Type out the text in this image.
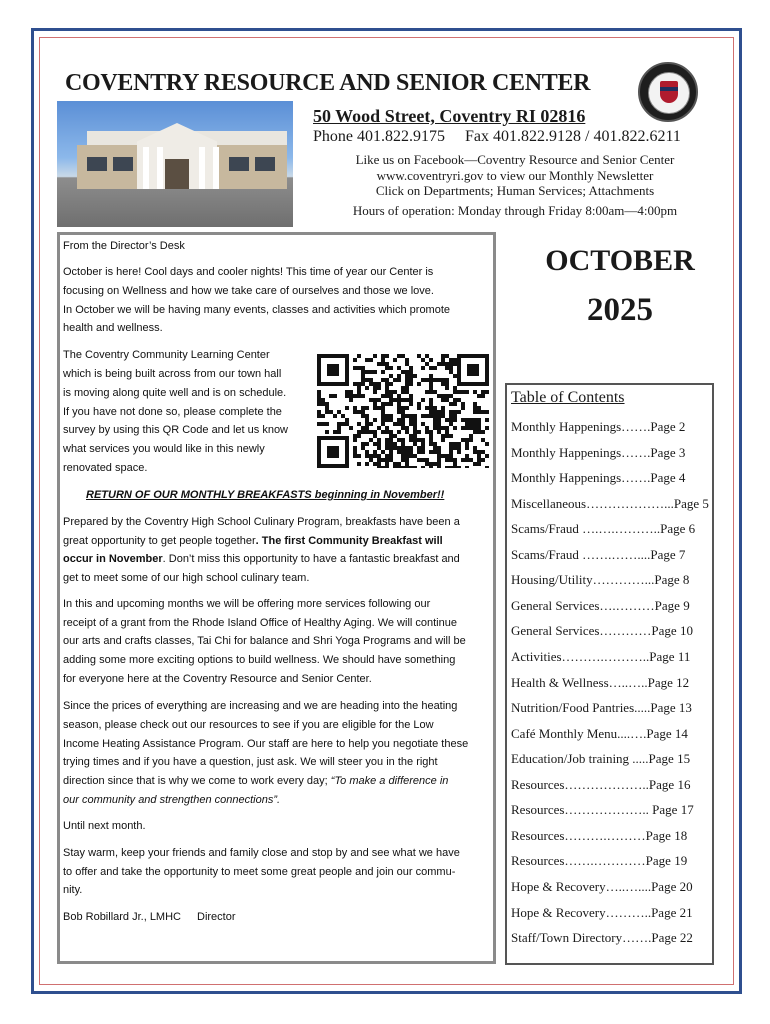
COVENTRY RESOURCE AND SENIOR CENTER
50 Wood Street, Coventry RI 02816
Phone 401.822.9175     Fax 401.822.9128 / 401.822.6211
Like us on Facebook—Coventry Resource and Senior Center
www.coventryri.gov to view our Monthly Newsletter
Click on Departments; Human Services; Attachments
Hours of operation: Monday through Friday 8:00am—4:00pm
From the Director’s Desk
October is here! Cool days and cooler nights! This time of year our Center is
focusing on Wellness and how we take care of ourselves and those we love.
In October we will be having many events, classes and activities which promote
health and wellness.
The Coventry Community Learning Center
which is being built across from our town hall
is moving along quite well and is on schedule.
If you have not done so, please complete the
survey by using this QR Code and let us know
what services you would like in this newly
renovated space.
RETURN OF OUR MONTHLY BREAKFASTS beginning in November!!
Prepared by the Coventry High School Culinary Program, breakfasts have been a
great opportunity to get people together. The first Community Breakfast will
occur in November. Don’t miss this opportunity to have a fantastic breakfast and
get to meet some of our high school culinary team.
In this and upcoming months we will be offering more services following our
receipt of a grant from the Rhode Island Office of Healthy Aging. We will continue
our arts and crafts classes, Tai Chi for balance and Shri Yoga Programs and will be
adding some more exciting options to build wellness. We should have something
for everyone here at the Coventry Resource and Senior Center.
Since the prices of everything are increasing and we are heading into the heating
season, please check out our resources to see if you are eligible for the Low
Income Heating Assistance Program. Our staff are here to help you negotiate these
trying times and if you have a question, just ask. We will steer you in the right
direction since that is why we come to work every day; “To make a difference in
our community and strengthen connections”.
Until next month.
Stay warm, keep your friends and family close and stop by and see what we have
to offer and take the opportunity to meet some great people and join our commu-
nity.
Bob Robillard Jr., LMHC Director
OCTOBER
2025
Table of Contents
Monthly Happenings…….Page 2
Monthly Happenings…….Page 3
Monthly Happenings…….Page 4
Miscellaneous………………...Page 5
Scams/Fraud ….….………..Page 6
Scams/Fraud …….……....Page 7
Housing/Utility…………...Page 8
General Services….………Page 9
General Services…………Page 10
Activities……….………..Page 11
Health & Wellness…..…..Page 12
Nutrition/Food Pantries.....Page 13
Café Monthly Menu....….Page 14
Education/Job training .....Page 15
Resources………………..Page 16
Resources……………….. Page 17
Resources……….………Page 18
Resources…….…………Page 19
Hope & Recovery…..…....Page 20
Hope & Recovery………..Page 21
Staff/Town Directory…….Page 22
